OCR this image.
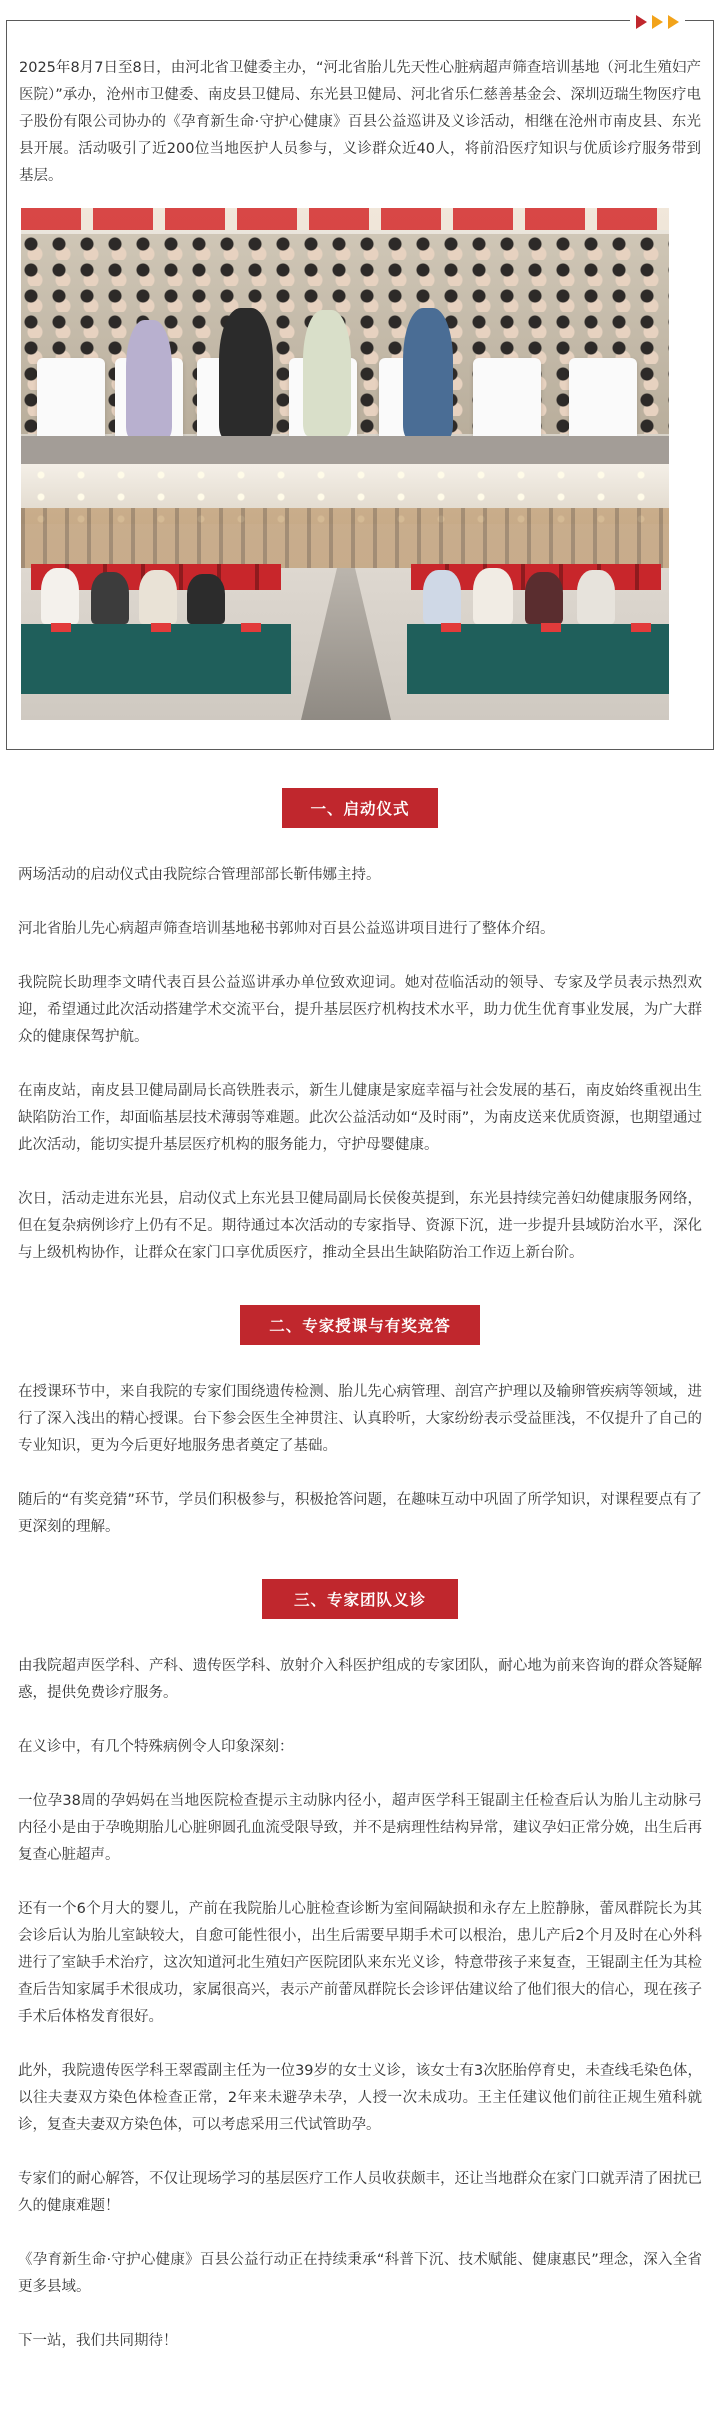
2025年8月7日至8日，由河北省卫健委主办，“河北省胎儿先天性心脏病超声筛查培训基地（河北生殖妇产医院）”承办，沧州市卫健委、南皮县卫健局、东光县卫健局、河北省乐仁慈善基金会、深圳迈瑞生物医疗电子股份有限公司协办的《孕育新生命·守护心健康》百县公益巡讲及义诊活动，相继在沧州市南皮县、东光县开展。活动吸引了近200位当地医护人员参与，义诊群众近40人，将前沿医疗知识与优质诊疗服务带到基层。

一、启动仪式

两场活动的启动仪式由我院综合管理部部长靳伟娜主持。

河北省胎儿先心病超声筛查培训基地秘书郭帅对百县公益巡讲项目进行了整体介绍。

我院院长助理李文晴代表百县公益巡讲承办单位致欢迎词。她对莅临活动的领导、专家及学员表示热烈欢迎，希望通过此次活动搭建学术交流平台，提升基层医疗机构技术水平，助力优生优育事业发展，为广大群众的健康保驾护航。

在南皮站，南皮县卫健局副局长高铁胜表示，新生儿健康是家庭幸福与社会发展的基石，南皮始终重视出生缺陷防治工作，却面临基层技术薄弱等难题。此次公益活动如“及时雨”，为南皮送来优质资源，也期望通过此次活动，能切实提升基层医疗机构的服务能力，守护母婴健康。

次日，活动走进东光县，启动仪式上东光县卫健局副局长侯俊英提到，东光县持续完善妇幼健康服务网络，但在复杂病例诊疗上仍有不足。期待通过本次活动的专家指导、资源下沉，进一步提升县域防治水平，深化与上级机构协作，让群众在家门口享优质医疗，推动全县出生缺陷防治工作迈上新台阶。

二、专家授课与有奖竞答

在授课环节中，来自我院的专家们围绕遗传检测、胎儿先心病管理、剖宫产护理以及输卵管疾病等领域，进行了深入浅出的精心授课。台下参会医生全神贯注、认真聆听，大家纷纷表示受益匪浅，不仅提升了自己的专业知识，更为今后更好地服务患者奠定了基础。

随后的“有奖竞猜”环节，学员们积极参与，积极抢答问题，在趣味互动中巩固了所学知识，对课程要点有了更深刻的理解。

三、专家团队义诊

由我院超声医学科、产科、遗传医学科、放射介入科医护组成的专家团队，耐心地为前来咨询的群众答疑解惑，提供免费诊疗服务。

在义诊中，有几个特殊病例令人印象深刻：

一位孕38周的孕妈妈在当地医院检查提示主动脉内径小，超声医学科王锟副主任检查后认为胎儿主动脉弓内径小是由于孕晚期胎儿心脏卵圆孔血流受限导致，并不是病理性结构异常，建议孕妇正常分娩，出生后再复查心脏超声。

还有一个6个月大的婴儿，产前在我院胎儿心脏检查诊断为室间隔缺损和永存左上腔静脉，蕾凤群院长为其会诊后认为胎儿室缺较大，自愈可能性很小，出生后需要早期手术可以根治，患儿产后2个月及时在心外科进行了室缺手术治疗，这次知道河北生殖妇产医院团队来东光义诊，特意带孩子来复查，王锟副主任为其检查后告知家属手术很成功，家属很高兴，表示产前蕾凤群院长会诊评估建议给了他们很大的信心，现在孩子手术后体格发育很好。

此外，我院遗传医学科王翠霞副主任为一位39岁的女士义诊，该女士有3次胚胎停育史，未查线毛染色体，以往夫妻双方染色体检查正常，2年来未避孕未孕，人授一次未成功。王主任建议他们前往正规生殖科就诊，复查夫妻双方染色体，可以考虑采用三代试管助孕。

专家们的耐心解答，不仅让现场学习的基层医疗工作人员收获颇丰，还让当地群众在家门口就弄清了困扰已久的健康难题！

《孕育新生命·守护心健康》百县公益行动正在持续秉承“科普下沉、技术赋能、健康惠民”理念，深入全省更多县域。

下一站，我们共同期待！
